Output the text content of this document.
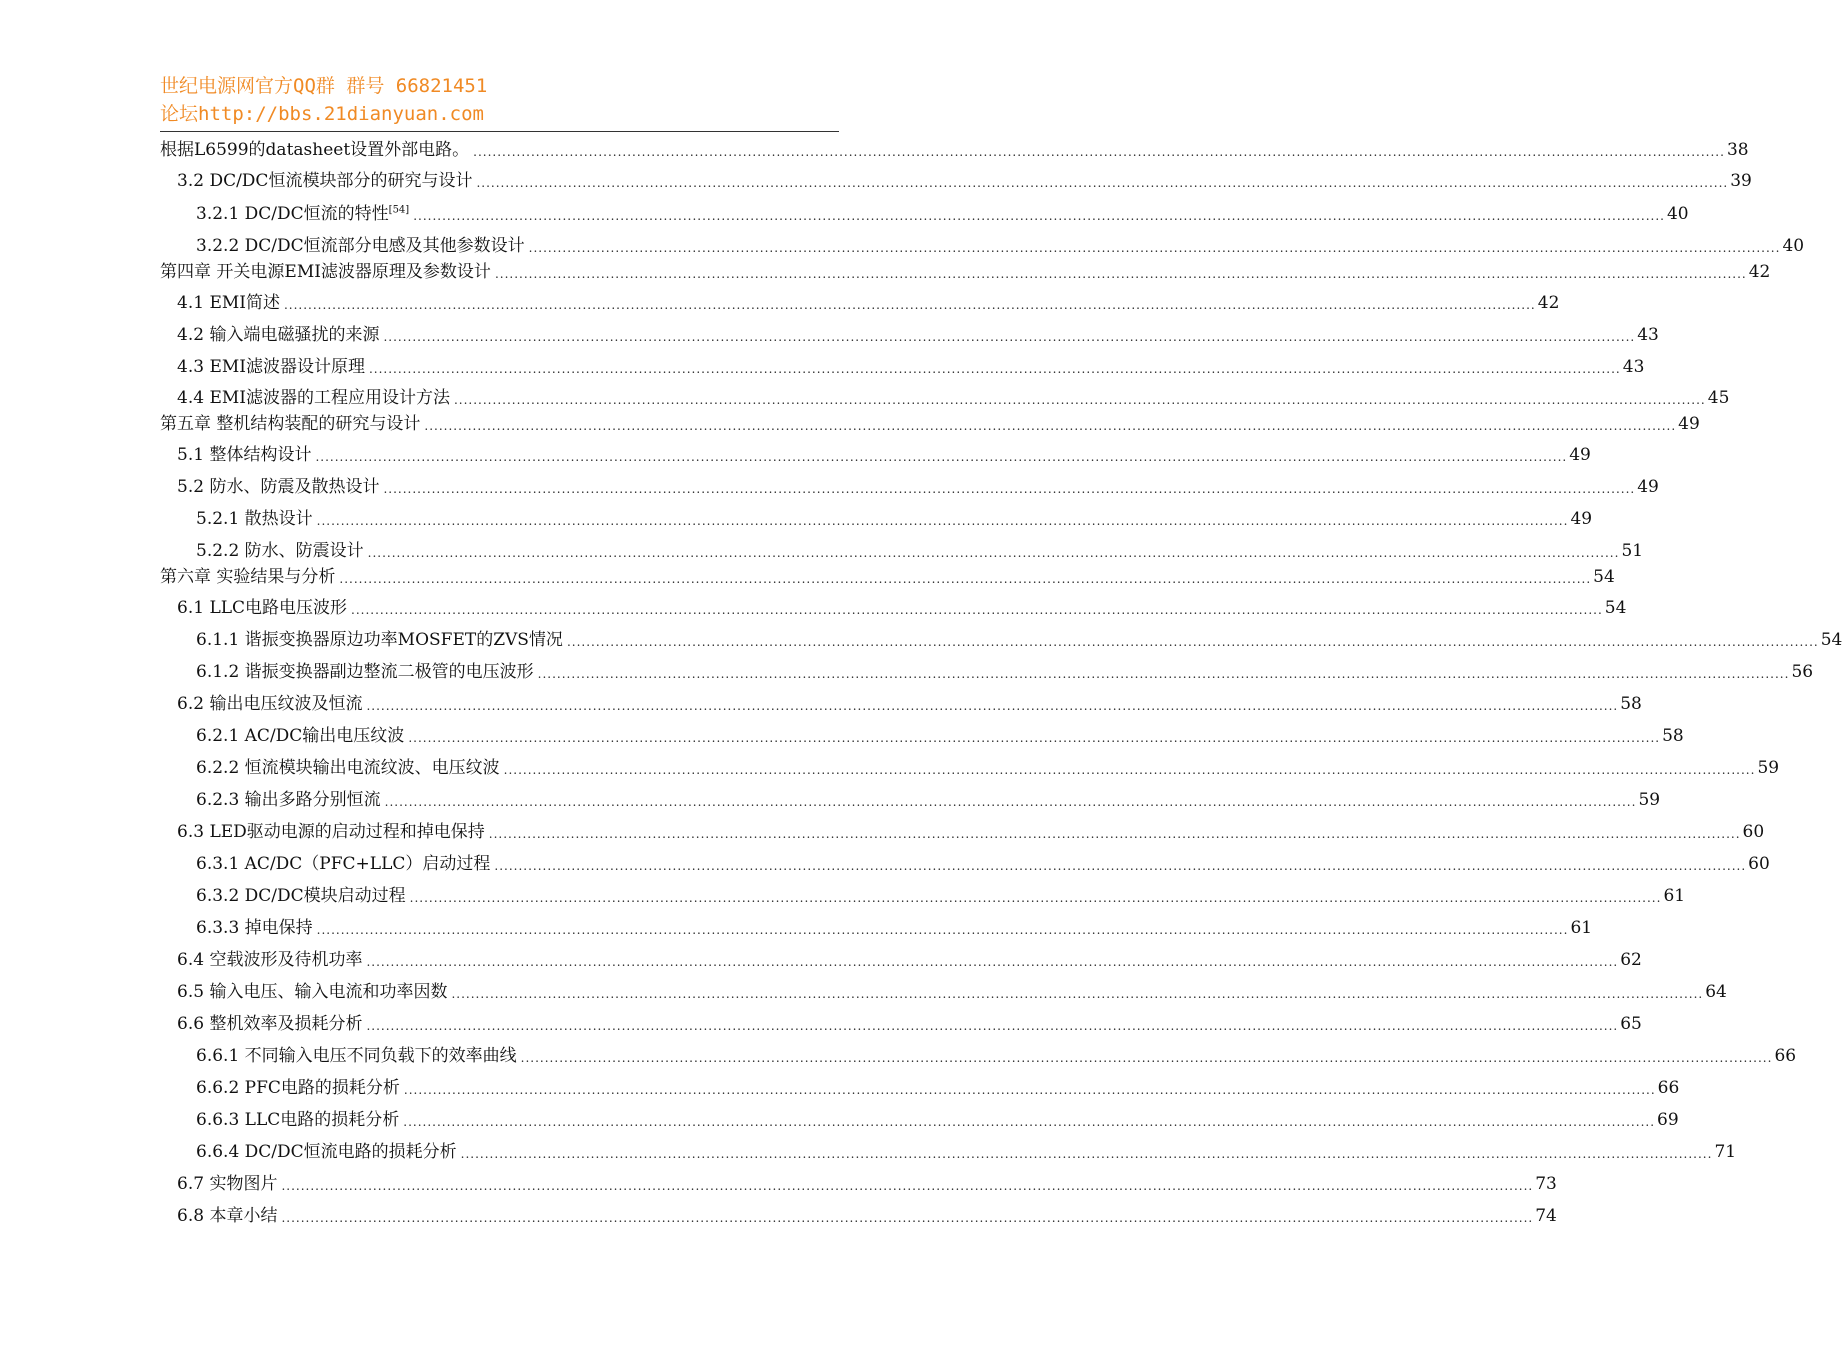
世纪电源网官方QQ群 群号 66821451
论坛http://bbs.21dianyuan.com
根据L6599的datasheet设置外部电路。 .................................................................................................................................................................................................................................................................... 38
3.2 DC/DC恒流模块部分的研究与设计 .................................................................................................................................................................................................................................................................... 39
3.2.1 DC/DC恒流的特性[54] .................................................................................................................................................................................................................................................................... 40
3.2.2 DC/DC恒流部分电感及其他参数设计 .................................................................................................................................................................................................................................................................... 40
第四章 开关电源EMI滤波器原理及参数设计 .................................................................................................................................................................................................................................................................... 42
4.1 EMI简述 .................................................................................................................................................................................................................................................................... 42
4.2 输入端电磁骚扰的来源 .................................................................................................................................................................................................................................................................... 43
4.3 EMI滤波器设计原理 .................................................................................................................................................................................................................................................................... 43
4.4 EMI滤波器的工程应用设计方法 .................................................................................................................................................................................................................................................................... 45
第五章 整机结构装配的研究与设计 .................................................................................................................................................................................................................................................................... 49
5.1 整体结构设计 .................................................................................................................................................................................................................................................................... 49
5.2 防水、防震及散热设计 .................................................................................................................................................................................................................................................................... 49
5.2.1 散热设计 .................................................................................................................................................................................................................................................................... 49
5.2.2 防水、防震设计 .................................................................................................................................................................................................................................................................... 51
第六章 实验结果与分析 .................................................................................................................................................................................................................................................................... 54
6.1 LLC电路电压波形 .................................................................................................................................................................................................................................................................... 54
6.1.1 谐振变换器原边功率MOSFET的ZVS情况 .................................................................................................................................................................................................................................................................... 54
6.1.2 谐振变换器副边整流二极管的电压波形 .................................................................................................................................................................................................................................................................... 56
6.2 输出电压纹波及恒流 .................................................................................................................................................................................................................................................................... 58
6.2.1 AC/DC输出电压纹波 .................................................................................................................................................................................................................................................................... 58
6.2.2 恒流模块输出电流纹波、电压纹波 .................................................................................................................................................................................................................................................................... 59
6.2.3 输出多路分别恒流 .................................................................................................................................................................................................................................................................... 59
6.3 LED驱动电源的启动过程和掉电保持 .................................................................................................................................................................................................................................................................... 60
6.3.1 AC/DC（PFC+LLC）启动过程 .................................................................................................................................................................................................................................................................... 60
6.3.2 DC/DC模块启动过程 .................................................................................................................................................................................................................................................................... 61
6.3.3 掉电保持 .................................................................................................................................................................................................................................................................... 61
6.4 空载波形及待机功率 .................................................................................................................................................................................................................................................................... 62
6.5 输入电压、输入电流和功率因数 .................................................................................................................................................................................................................................................................... 64
6.6 整机效率及损耗分析 .................................................................................................................................................................................................................................................................... 65
6.6.1 不同输入电压不同负载下的效率曲线 .................................................................................................................................................................................................................................................................... 66
6.6.2 PFC电路的损耗分析 .................................................................................................................................................................................................................................................................... 66
6.6.3 LLC电路的损耗分析 .................................................................................................................................................................................................................................................................... 69
6.6.4 DC/DC恒流电路的损耗分析 .................................................................................................................................................................................................................................................................... 71
6.7 实物图片 .................................................................................................................................................................................................................................................................... 73
6.8 本章小结 .................................................................................................................................................................................................................................................................... 74
